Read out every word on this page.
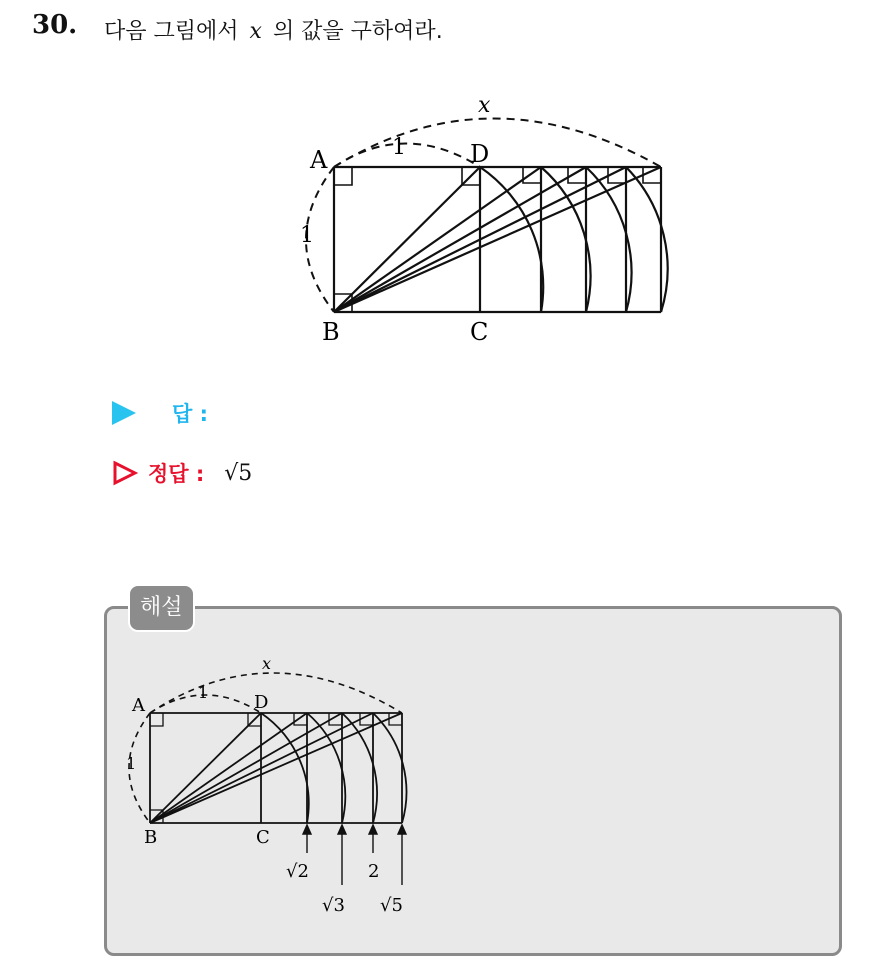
30. 다음 그림에서 x 의 값을 구하여라.
x
1
A	D
1
B	C
답 :
정답 : √5
해설
x
1
A	D
1
B	C
√2
√3
2
√5
